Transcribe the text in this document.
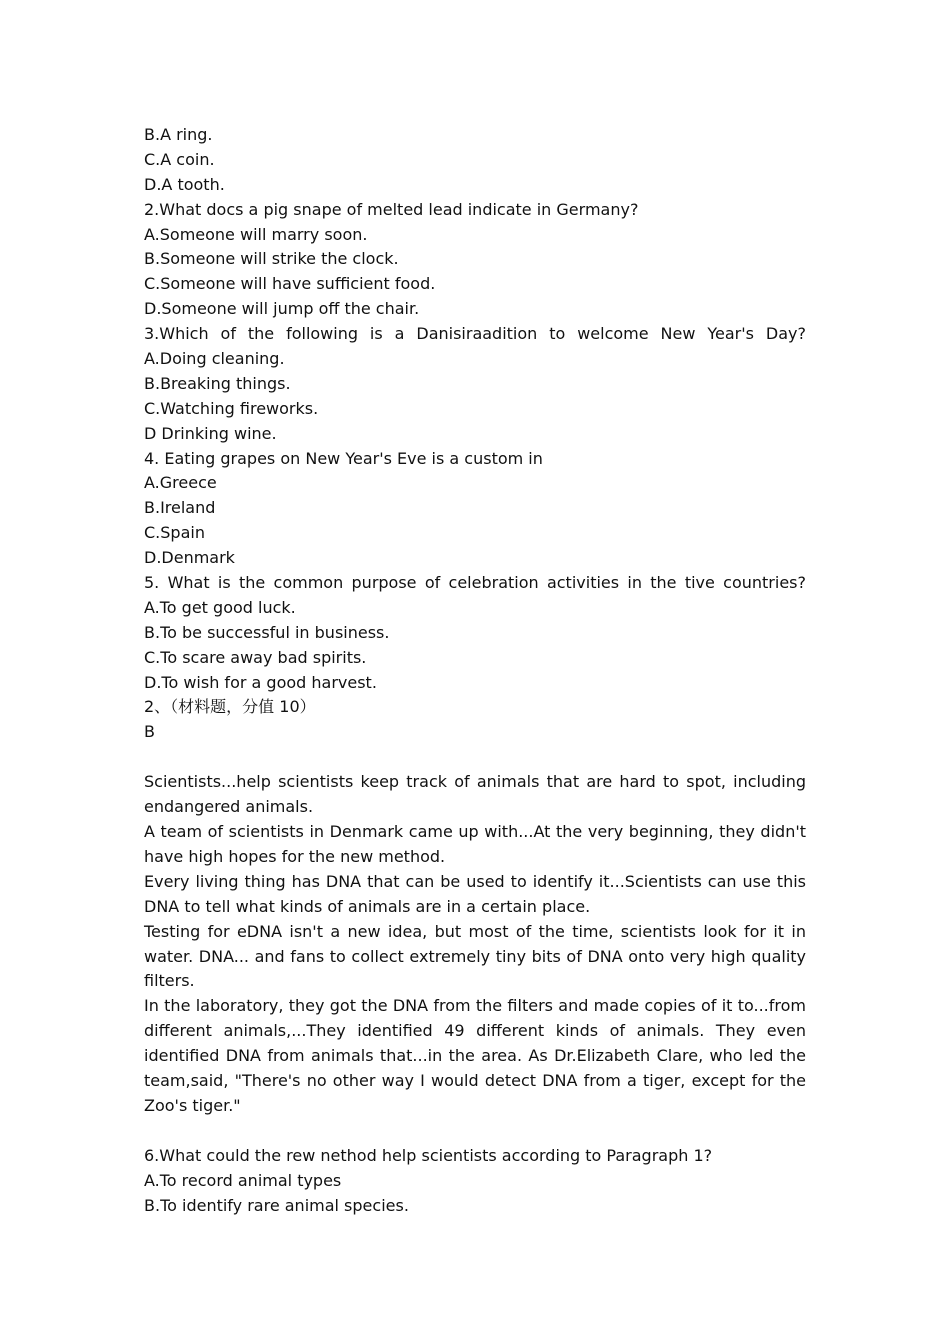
B.A ring.
C.A coin.
D.A tooth.
2.What docs a pig snape of melted lead indicate in Germany?
A.Someone will marry soon.
B.Someone will strike the clock.
C.Someone will have sufficient food.
D.Someone will jump off the chair.
3.Which of the following is a Danisiraadition to welcome New Year's Day?
A.Doing cleaning.
B.Breaking things.
C.Watching fireworks.
D Drinking wine.
4. Eating grapes on New Year's Eve is a custom in
A.Greece
B.Ireland
C.Spain
D.Denmark
5. What is the common purpose of celebration activities in the tive countries?
A.To get good luck.
B.To be successful in business.
C.To scare away bad spirits.
D.To wish for a good harvest.
2、（材料题，分值 10）
B
Scientists...help scientists keep track of animals that are hard to spot, including endangered animals.
A team of scientists in Denmark came up with...At the very beginning, they didn't have high hopes for the new method.
Every living thing has DNA that can be used to identify it...Scientists can use this DNA to tell what kinds of animals are in a certain place.
Testing for eDNA isn't a new idea, but most of the time, scientists look for it in water. DNA... and fans to collect extremely tiny bits of DNA onto very high quality filters.
In the laboratory, they got the DNA from the filters and made copies of it to...from different animals,...They identified 49 different kinds of animals. They even identified DNA from animals that...in the area. As Dr.Elizabeth Clare, who led the team,said, "There's no other way I would detect DNA from a tiger, except for the Zoo's tiger."
6.What could the rew nethod help scientists according to Paragraph 1?
A.To record animal types
B.To identify rare animal species.
